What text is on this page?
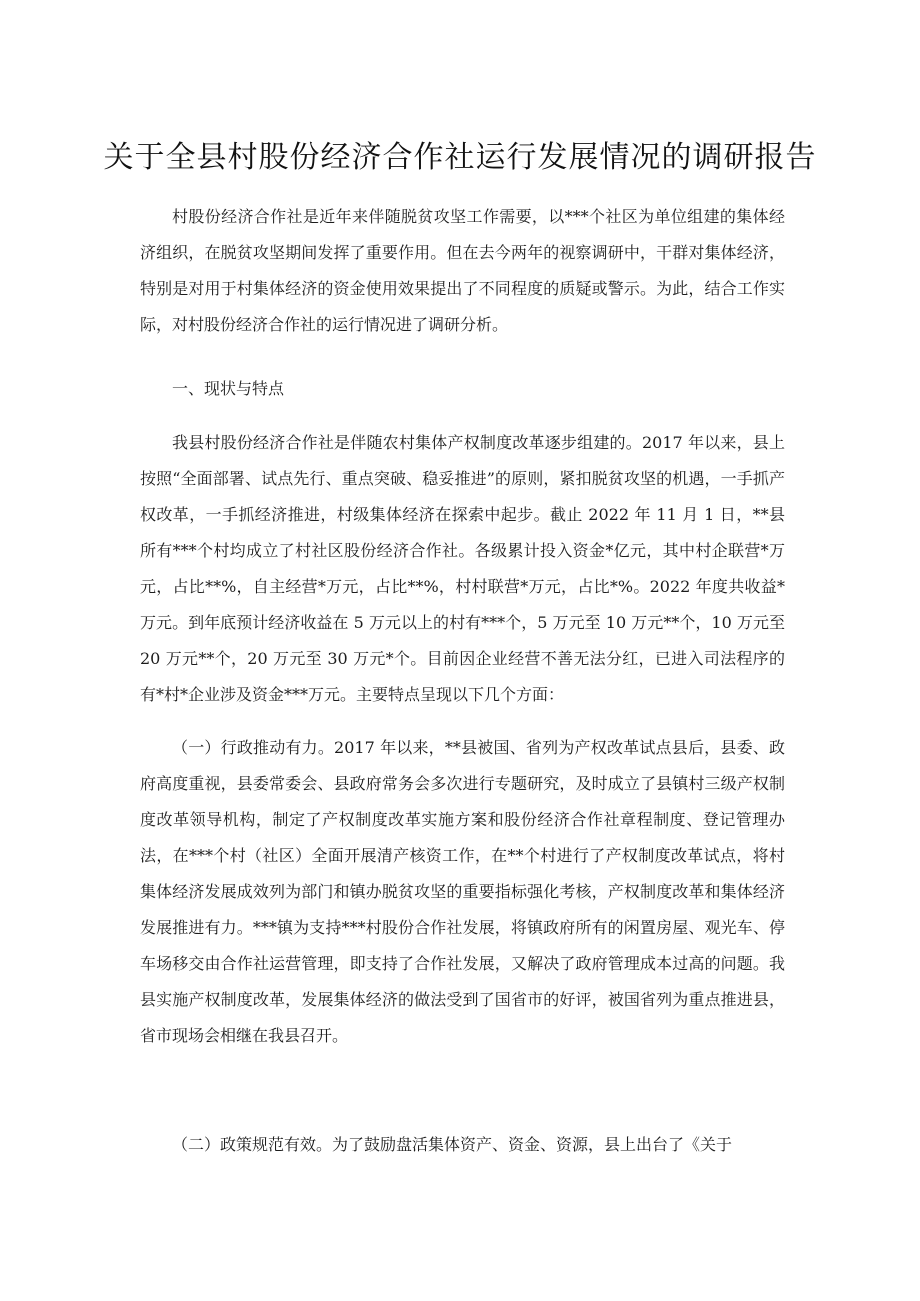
关于全县村股份经济合作社运行发展情况的调研报告

村股份经济合作社是近年来伴随脱贫攻坚工作需要，以***个社区为单位组建的集体经济组织，在脱贫攻坚期间发挥了重要作用。但在去今两年的视察调研中，干群对集体经济，特别是对用于村集体经济的资金使用效果提出了不同程度的质疑或警示。为此，结合工作实际，对村股份经济合作社的运行情况进了调研分析。

一、现状与特点

我县村股份经济合作社是伴随农村集体产权制度改革逐步组建的。2017 年以来，县上按照“全面部署、试点先行、重点突破、稳妥推进”的原则，紧扣脱贫攻坚的机遇，一手抓产权改革，一手抓经济推进，村级集体经济在探索中起步。截止 2022 年 11 月 1 日，**县所有***个村均成立了村社区股份经济合作社。各级累计投入资金*亿元，其中村企联营*万元，占比**%，自主经营*万元，占比**%，村村联营*万元，占比*%。2022 年度共收益*万元。到年底预计经济收益在 5 万元以上的村有***个，5 万元至 10 万元**个，10 万元至 20 万元**个，20 万元至 30 万元*个。目前因企业经营不善无法分红，已进入司法程序的有*村*企业涉及资金***万元。主要特点呈现以下几个方面：

（一）行政推动有力。2017 年以来，**县被国、省列为产权改革试点县后，县委、政府高度重视，县委常委会、县政府常务会多次进行专题研究，及时成立了县镇村三级产权制度改革领导机构，制定了产权制度改革实施方案和股份经济合作社章程制度、登记管理办法，在***个村（社区）全面开展清产核资工作，在**个村进行了产权制度改革试点，将村集体经济发展成效列为部门和镇办脱贫攻坚的重要指标强化考核，产权制度改革和集体经济发展推进有力。***镇为支持***村股份合作社发展，将镇政府所有的闲置房屋、观光车、停车场移交由合作社运营管理，即支持了合作社发展，又解决了政府管理成本过高的问题。我县实施产权制度改革，发展集体经济的做法受到了国省市的好评，被国省列为重点推进县，省市现场会相继在我县召开。

（二）政策规范有效。为了鼓励盘活集体资产、资金、资源，县上出台了《关于
